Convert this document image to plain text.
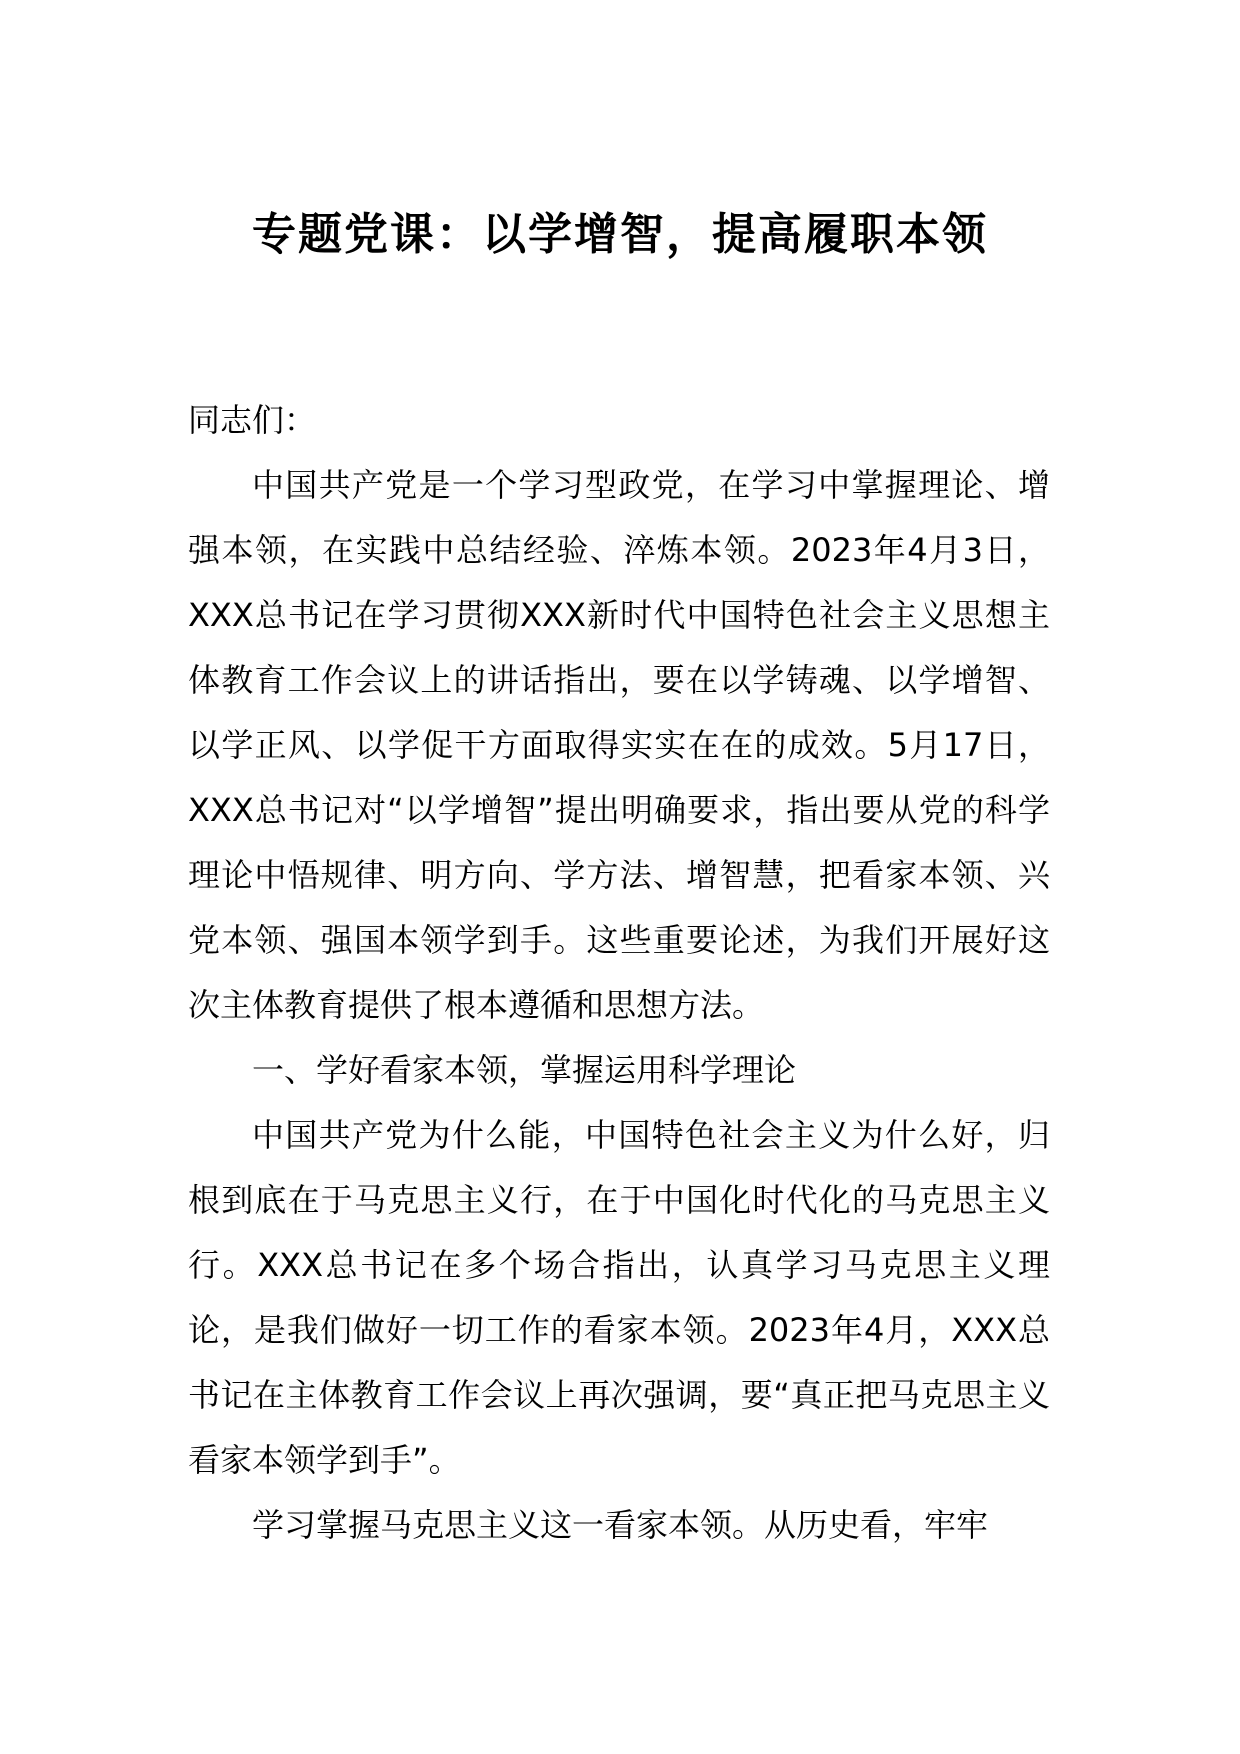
专题党课：以学增智，提高履职本领

同志们：

中国共产党是一个学习型政党，在学习中掌握理论、增强本领，在实践中总结经验、淬炼本领。2023年4月3日，XXX总书记在学习贯彻XXX新时代中国特色社会主义思想主体教育工作会议上的讲话指出，要在以学铸魂、以学增智、以学正风、以学促干方面取得实实在在的成效。5月17日，XXX总书记对“以学增智”提出明确要求，指出要从党的科学理论中悟规律、明方向、学方法、增智慧，把看家本领、兴党本领、强国本领学到手。这些重要论述，为我们开展好这次主体教育提供了根本遵循和思想方法。

一、学好看家本领，掌握运用科学理论

中国共产党为什么能，中国特色社会主义为什么好，归根到底在于马克思主义行，在于中国化时代化的马克思主义行。XXX总书记在多个场合指出，认真学习马克思主义理论，是我们做好一切工作的看家本领。2023年4月，XXX总书记在主体教育工作会议上再次强调，要“真正把马克思主义看家本领学到手”。

学习掌握马克思主义这一看家本领。从历史看，牢牢
